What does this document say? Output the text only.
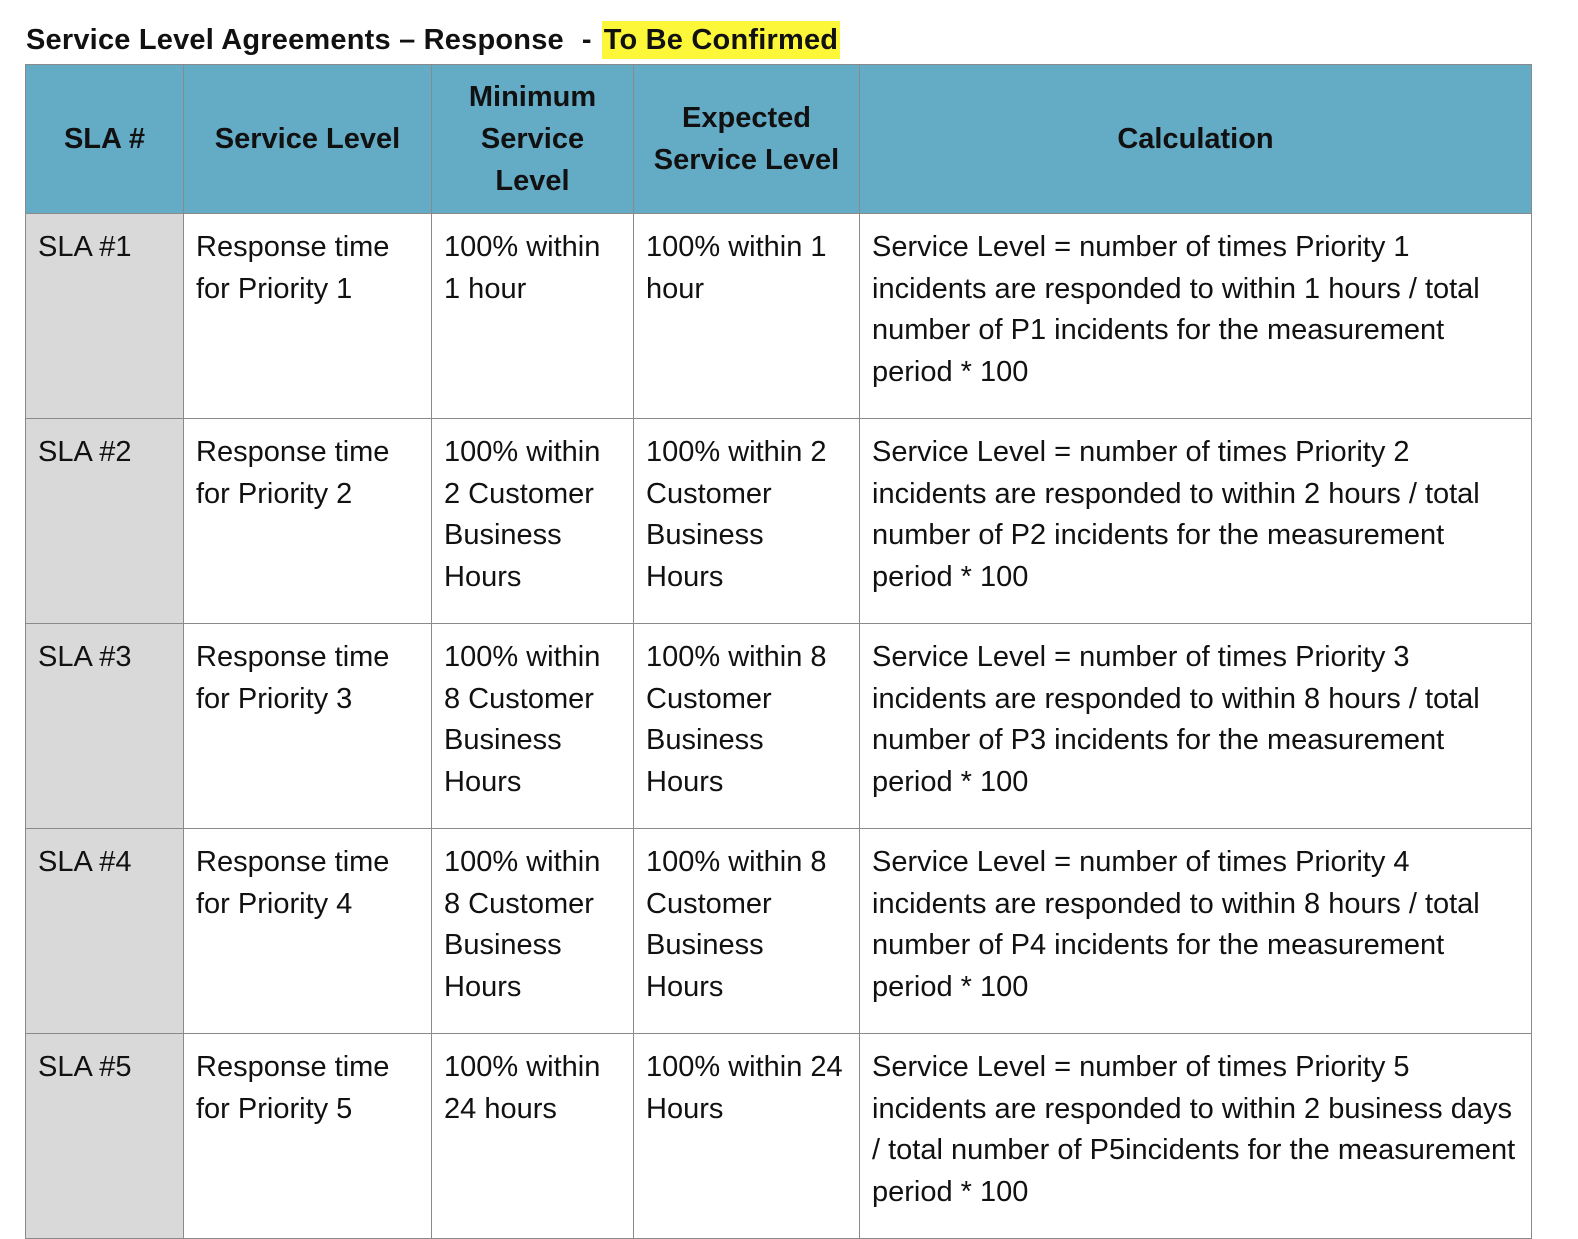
Service Level Agreements – Response - To Be Confirmed
SLA #	Service Level	Minimum Service Level	Expected Service Level	Calculation
SLA #1	Response time for Priority 1	100% within 1 hour	100% within 1 hour	Service Level = number of times Priority 1 incidents are responded to within 1 hours / total number of P1 incidents for the measurement period * 100
SLA #2	Response time for Priority 2	100% within 2 Customer Business Hours	100% within 2 Customer Business Hours	Service Level = number of times Priority 2 incidents are responded to within 2 hours / total number of P2 incidents for the measurement period * 100
SLA #3	Response time for Priority 3	100% within 8 Customer Business Hours	100% within 8 Customer Business Hours	Service Level = number of times Priority 3 incidents are responded to within 8 hours / total number of P3 incidents for the measurement period * 100
SLA #4	Response time for Priority 4	100% within 8 Customer Business Hours	100% within 8 Customer Business Hours	Service Level = number of times Priority 4 incidents are responded to within 8 hours / total number of P4 incidents for the measurement period * 100
SLA #5	Response time for Priority 5	100% within 24 hours	100% within 24 Hours	Service Level = number of times Priority 5 incidents are responded to within 2 business days / total number of P5incidents for the measurement period * 100
